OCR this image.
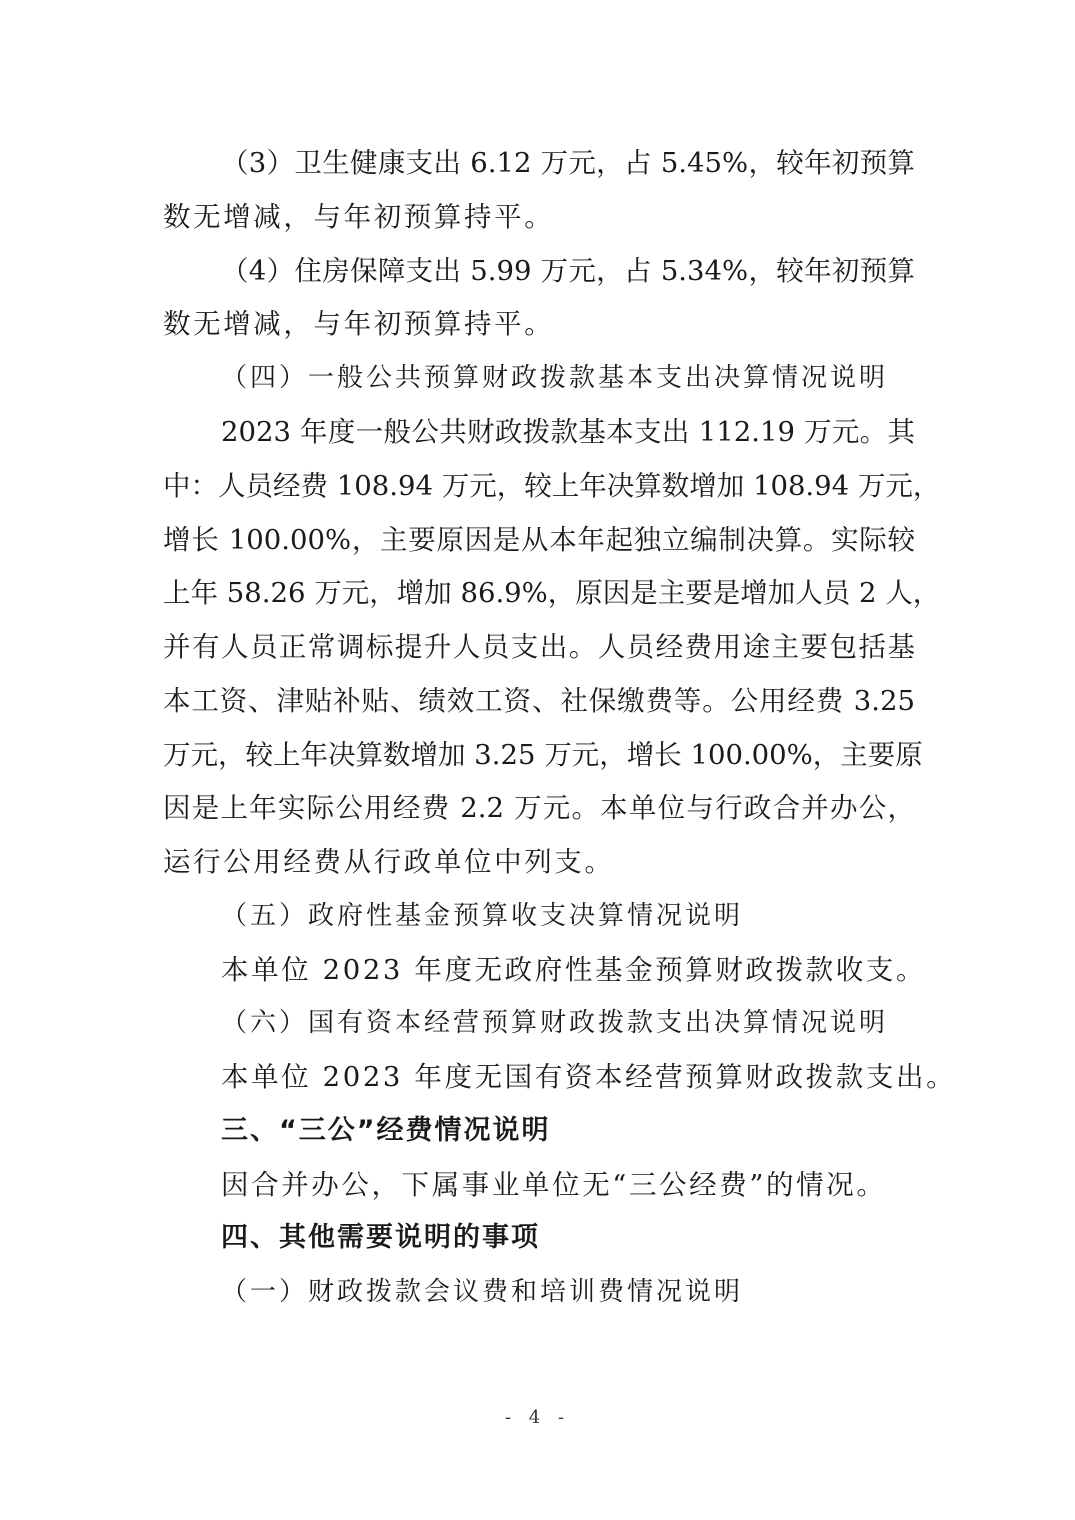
（3）卫生健康支出 6.12 万元，占 5.45%，较年初预算
数无增减，与年初预算持平。
（4）住房保障支出 5.99 万元，占 5.34%，较年初预算
数无增减，与年初预算持平。
（四）一般公共预算财政拨款基本支出决算情况说明
2023 年度一般公共财政拨款基本支出 112.19 万元。其
中：人员经费 108.94 万元，较上年决算数增加 108.94 万元，
增长 100.00%，主要原因是从本年起独立编制决算。实际较
上年 58.26 万元，增加 86.9%，原因是主要是增加人员 2 人，
并有人员正常调标提升人员支出。人员经费用途主要包括基
本工资、津贴补贴、绩效工资、社保缴费等。公用经费 3.25
万元，较上年决算数增加 3.25 万元，增长 100.00%，主要原
因是上年实际公用经费 2.2 万元。本单位与行政合并办公，
运行公用经费从行政单位中列支。
（五）政府性基金预算收支决算情况说明
本单位 2023 年度无政府性基金预算财政拨款收支。
（六）国有资本经营预算财政拨款支出决算情况说明
本单位 2023 年度无国有资本经营预算财政拨款支出。
三、“三公”经费情况说明
因合并办公，下属事业单位无“三公经费”的情况。
四、其他需要说明的事项
（一）财政拨款会议费和培训费情况说明
- 4 -
